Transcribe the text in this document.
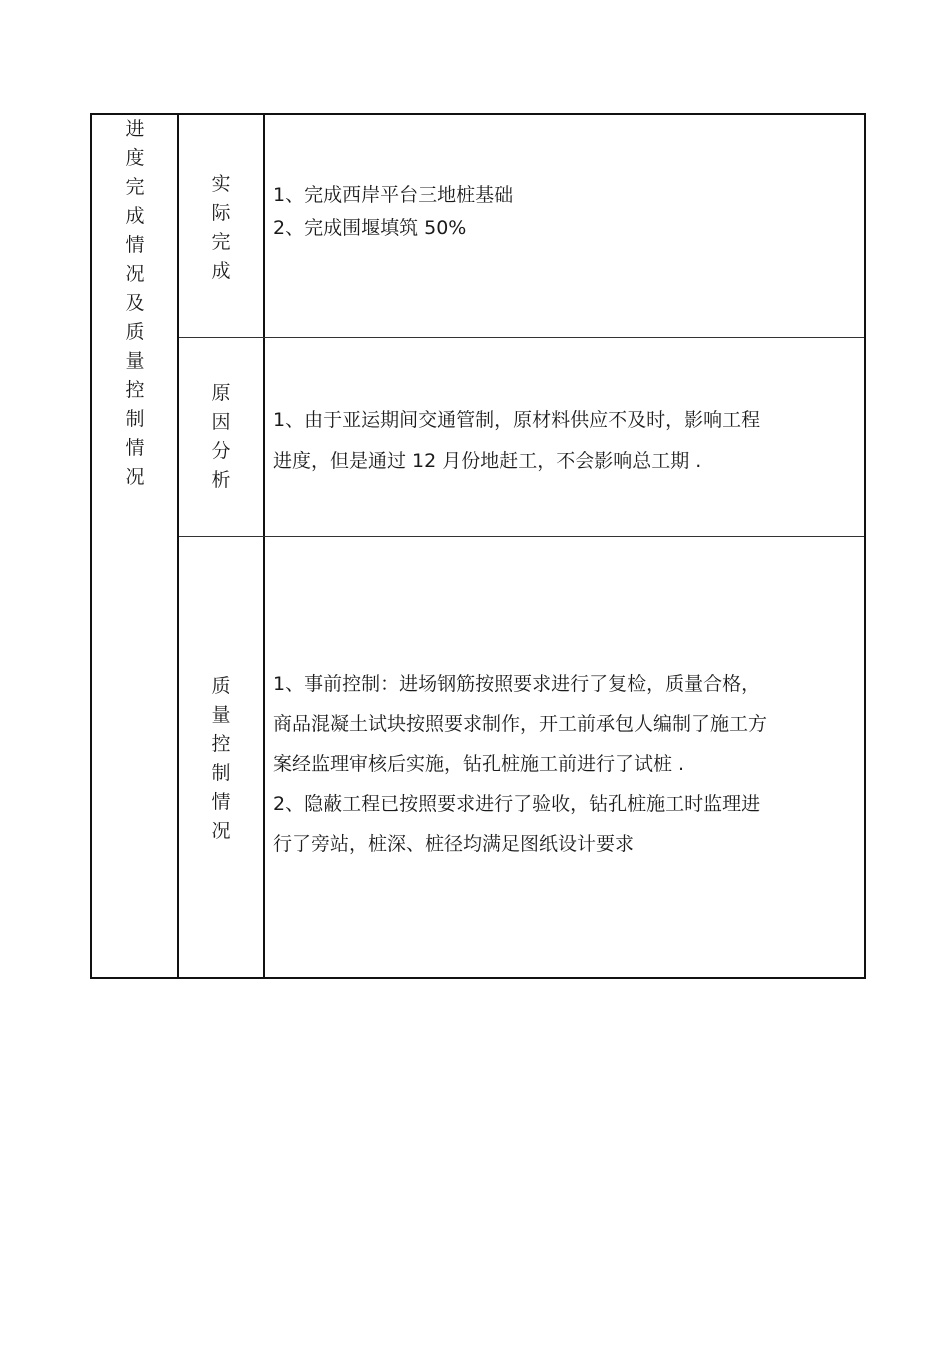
进度完成情况及质量控制情况
实际完成

1、完成西岸平台三地桩基础

2、完成围堰填筑 50%

原因分析

1、由于亚运期间交通管制，原材料供应不及时，影响工程

进度，但是通过 12 月份地赶工，不会影响总工期 .

质量控制情况

1、事前控制：进场钢筋按照要求进行了复检，质量合格，

商品混凝土试块按照要求制作，开工前承包人编制了施工方

案经监理审核后实施，钻孔桩施工前进行了试桩 .

2、隐蔽工程已按照要求进行了验收，钻孔桩施工时监理进

行了旁站，桩深、桩径均满足图纸设计要求
